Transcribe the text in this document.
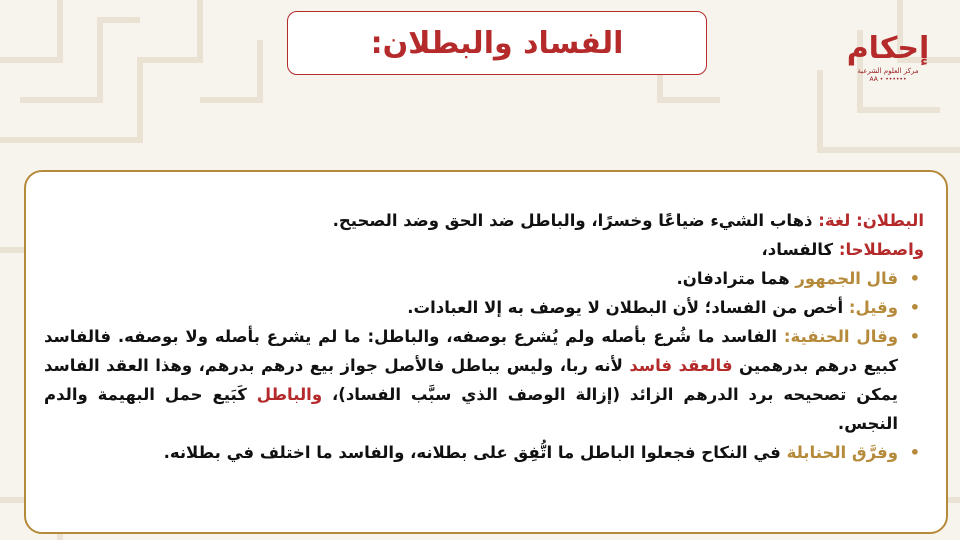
الفساد والبطلان:	إحكام
مركز العلوم الشرعية
AA • ••••••
البطلان: لغة: ذهاب الشيء ضياعًا وخسرًا، والباطل ضد الحق وضد الصحيح.
واصطلاحا: كالفساد،
•
قال الجمهور هما مترادفان.
•
وقيل: أخص من الفساد؛ لأن البطلان لا يوصف به إلا العبادات.
•
وقال الحنفية: الفاسد ما شُرع بأصله ولم يُشرع بوصفه، والباطل: ما لم يشرع بأصله ولا بوصفه. فالفاسد كبيع درهم بدرهمين فالعقد فاسد لأنه ربا، وليس بباطل فالأصل جواز بيع درهم بدرهم، وهذا العقد الفاسد يمكن تصحيحه برد الدرهم الزائد (إزالة الوصف الذي سبَّب الفساد)، والباطل كَبَيع حمل البهيمة والدم النجس.
•
وفرَّق الحنابلة في النكاح فجعلوا الباطل ما اتُّفِق على بطلانه، والفاسد ما اختلف في بطلانه.
